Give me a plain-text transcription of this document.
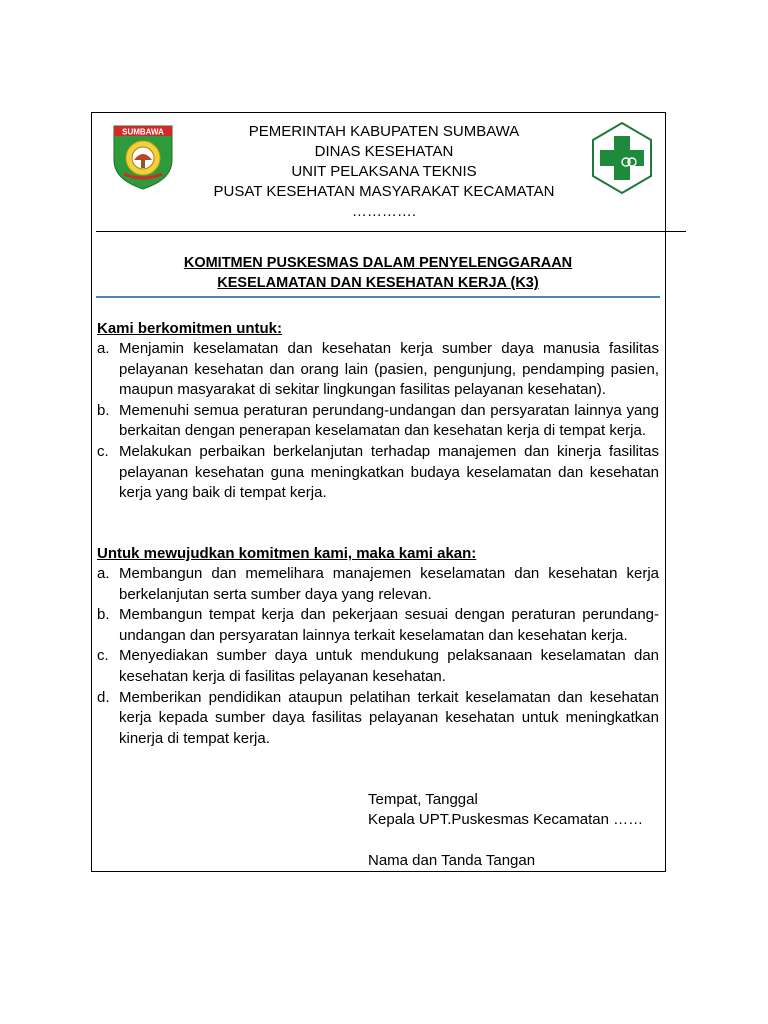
SUMBAWA	PEMERINTAH KABUPATEN SUMBAWA
DINAS KESEHATAN
UNIT PELAKSANA TEKNIS
PUSAT KESEHATAN MASYARAKAT KECAMATAN
………….
KOMITMEN PUSKESMAS DALAM PENYELENGGARAAN
KESELAMATAN DAN KESEHATAN KERJA (K3)
Kami berkomitmen untuk:
a. Menjamin keselamatan dan kesehatan kerja sumber daya manusia fasilitas pelayanan kesehatan dan orang lain (pasien, pengunjung, pendamping pasien, maupun masyarakat di sekitar lingkungan fasilitas pelayanan kesehatan).
b. Memenuhi semua peraturan perundang-undangan dan persyaratan lainnya yang berkaitan dengan penerapan keselamatan dan kesehatan kerja di tempat kerja.
c. Melakukan perbaikan berkelanjutan terhadap manajemen dan kinerja fasilitas pelayanan kesehatan guna meningkatkan budaya keselamatan dan kesehatan kerja yang baik di tempat kerja.
Untuk mewujudkan komitmen kami, maka kami akan:
a. Membangun dan memelihara manajemen keselamatan dan kesehatan kerja berkelanjutan serta sumber daya yang relevan.
b. Membangun tempat kerja dan pekerjaan sesuai dengan peraturan perundang-undangan dan persyaratan lainnya terkait keselamatan dan kesehatan kerja.
c. Menyediakan sumber daya untuk mendukung pelaksanaan keselamatan dan kesehatan kerja di fasilitas pelayanan kesehatan.
d. Memberikan pendidikan ataupun pelatihan terkait keselamatan dan kesehatan kerja kepada sumber daya fasilitas pelayanan kesehatan untuk meningkatkan kinerja di tempat kerja.
Tempat, Tanggal
Kepala UPT.Puskesmas Kecamatan ……
Nama dan Tanda Tangan
